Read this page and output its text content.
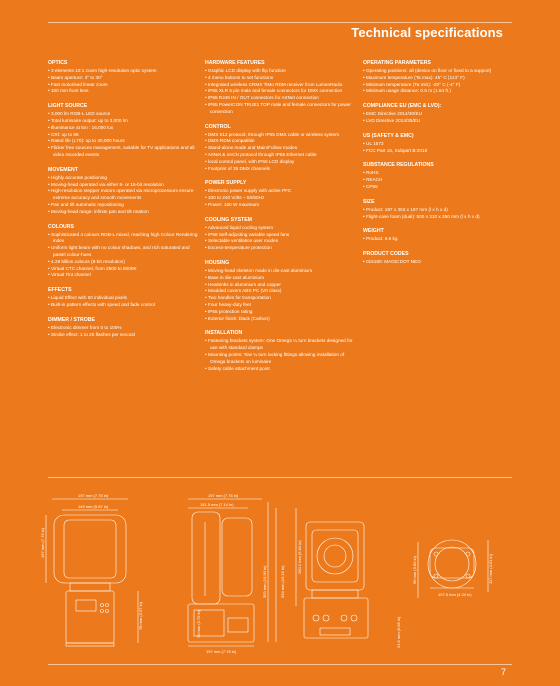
Technical specifications
OPTICS
• 3 elements 10:1 zoom high-resolution optic system
• Beam aperture: 3° to 30°
• Fast motorised linear zoom
• 100 mm front lens
LIGHT SOURCE
• 3,000 lm RGB-L LED source
• Total luminaire output: up to 3,000 lm
• Illuminance at 5m : 16,000 lux
• CRI: up to 86
• Rated life (L70): up to 40,000 hours
• Flicker free sources management, suitable for TV applications and all video recorded events
MOVEMENT
• Highly accurate positioning
• Moving-head operated via either 8- or 16-bit resolution
• High-resolution stepper motors operated via microprocessors ensure extreme accuracy and smooth movements
• Pan and tilt automatic repositioning
• Moving-head range: infinite pan and tilt rotation
COLOURS
• Sophisticated 4 colours RGB-L mixed, reaching high Colour Rendering index
• Uniform light beam with no colour shadows, and rich saturated and pastel colour-hues
• 4.29 billion colours (8-bit resolution)
• Virtual CTC channel, from 2500 to 8000K
• Virtual Tint channel
EFFECTS
• Liquid Effect with 60 individual pixels
• Built-in pattern effects with speed and fade control
DIMMER / STROBE
• Electronic dimmer from 0 to 100%
• Strobe effect: 1 to 25 flashes per second
HARDWARE FEATURES
• Graphic LCD display with flip function
• 4 menu buttons to set functions
• Integrated wireless CRMX TiMo RDM receiver from LumenRadio
• IP65 XLR 5 pin male and female connectors for DMX connection
• IP65 RJ45 IN / OUT connectors for ArtNet connection
• IP65 PowerCON TRUE1 TOP male and female connectors for power connection
CONTROL
• DMX 512 protocol, through IP65 DMX cable or wireless system
• DMX-RDM compatible
• Stand-alone mode and Main/Follow modes
• ArtNet & sACN protocol through IP65 Ethernet cable
• local control panel, with IP65 LCD display
• Footprint of 35 DMX channels
POWER SUPPLY
• Electronic power supply with active PFC
• 100 to 240 Volts ~ 50/60Hz
• Power: 160 W maximum
COOLING SYSTEM
• Advanced liquid cooling system
• IP68 Self-adjusting variable speed fans
• Selectable ventilation user modes
• Excess-temperature protection
HOUSING
• Moving-head skeleton made in die-cast aluminium
• Base in die-cast aluminium
• Heatsinks in aluminium and copper
• Moulded covers ABS PC (V0 class)
• Two handles for transportation
• Four heavy-duty feet
• IP65 protection rating
• Exterior finish: black (Carbon)
INSTALLATION
• Fastening brackets system: One Omega ¼ turn brackets designed for use with standard clamps
• Mounting points: Tow ¼ turn locking fittings allowing installation of Omega brackets on luminaire
• Safety cable attachment point
OPERATING PARAMETERS
• Operating positions: all (device on floor or fixed to a support)
• Maximum temperature (Ta max): 45° C (113° F)
• Minimum temperature (Ta min): -20° C (-4° F)
• Minimum usage distance: 0.5 m (1.64 ft.)
COMPLIANCE EU (EMC & LVD):
• EMC Directive 2014/30/EU
• LVD Directive 2014/35/EU
US (SAFETY & EMC)
• UL 1573
• FCC Part 15, Subpart B:2018
SUBSTANCE REGULATIONS
• RoHS
• REACH
• CP65
SIZE
• Product: 197 x 353 x 197 mm (l x h x d)
• Flight-case foam (dual): 500 x 310 x 250 mm (l x h x d)
WEIGHT
• Product: 6.6 kg
PRODUCT CODES
• 015180: MAGICDOT NEO
197 mm (7.76 in)
149 mm (5.87 in)
197 mm (7.76 in)
78 mm (3.07 in)
197 mm (7.76 in)
181.5 mm (7.14 in)
353 mm (13.90 in)	334 mm (13.15 in)
280.2 mm (9.84 in)
197 mm (7.76 in)
70 mm (2.76 in)
96 mm (3.80 in)	117 mm (4.61 in)
107.5 mm (4.24 in)
21.6 mm (0.85 in)
7
